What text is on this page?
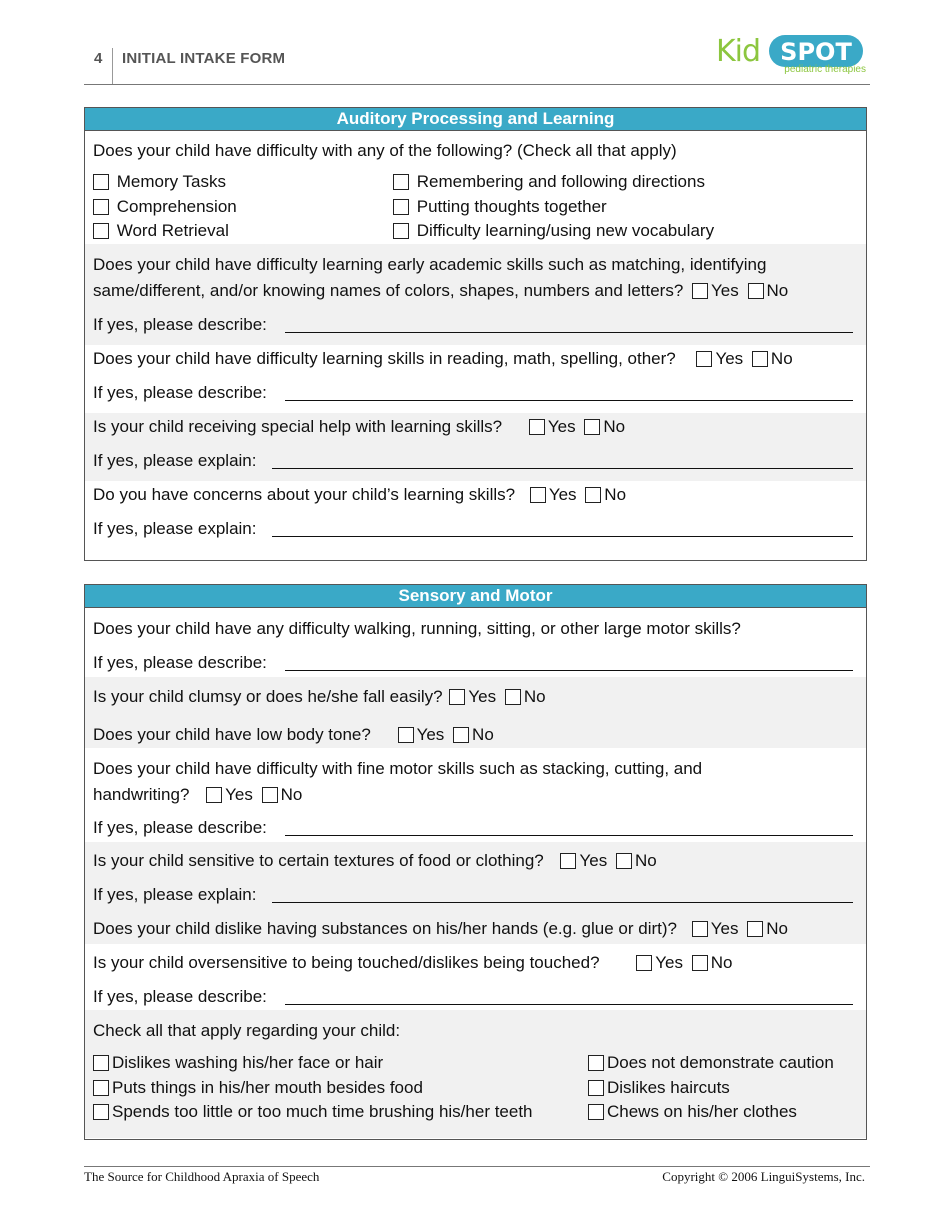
4 INITIAL INTAKE FORM	Kid SPOT
pediatric therapies
Auditory Processing and Learning
Does your child have difficulty with any of the following? (Check all that apply)
Memory Tasks
Comprehension
Word Retrieval
Remembering and following directions
Putting thoughts together
Difficulty learning/using new vocabulary
Does your child have difficulty learning early academic skills such as matching, identifying
same/different, and/or knowing names of colors, shapes, numbers and letters? Yes No
If yes, please describe:
Does your child have difficulty learning skills in reading, math, spelling, other? Yes No
If yes, please describe:
Is your child receiving special help with learning skills?	Yes No
If yes, please explain:
Do you have concerns about your child’s learning skills? Yes No
If yes, please explain:
Sensory and Motor
Does your child have any difficulty walking, running, sitting, or other large motor skills?
If yes, please describe:
Is your child clumsy or does he/she fall easily? Yes No
Does your child have low body tone?	Yes No
Does your child have difficulty with fine motor skills such as stacking, cutting, and
handwriting? Yes No
If yes, please describe:
Is your child sensitive to certain textures of food or clothing? Yes No
If yes, please explain:
Does your child dislike having substances on his/her hands (e.g. glue or dirt)? Yes No
Is your child oversensitive to being touched/dislikes being touched?	Yes No
If yes, please describe:
Check all that apply regarding your child:
Dislikes washing his/her face or hair
Puts things in his/her mouth besides food
Spends too little or too much time brushing his/her teeth
Does not demonstrate caution
Dislikes haircuts
Chews on his/her clothes
The Source for Childhood Apraxia of Speech	Copyright © 2006 LinguiSystems, Inc.
